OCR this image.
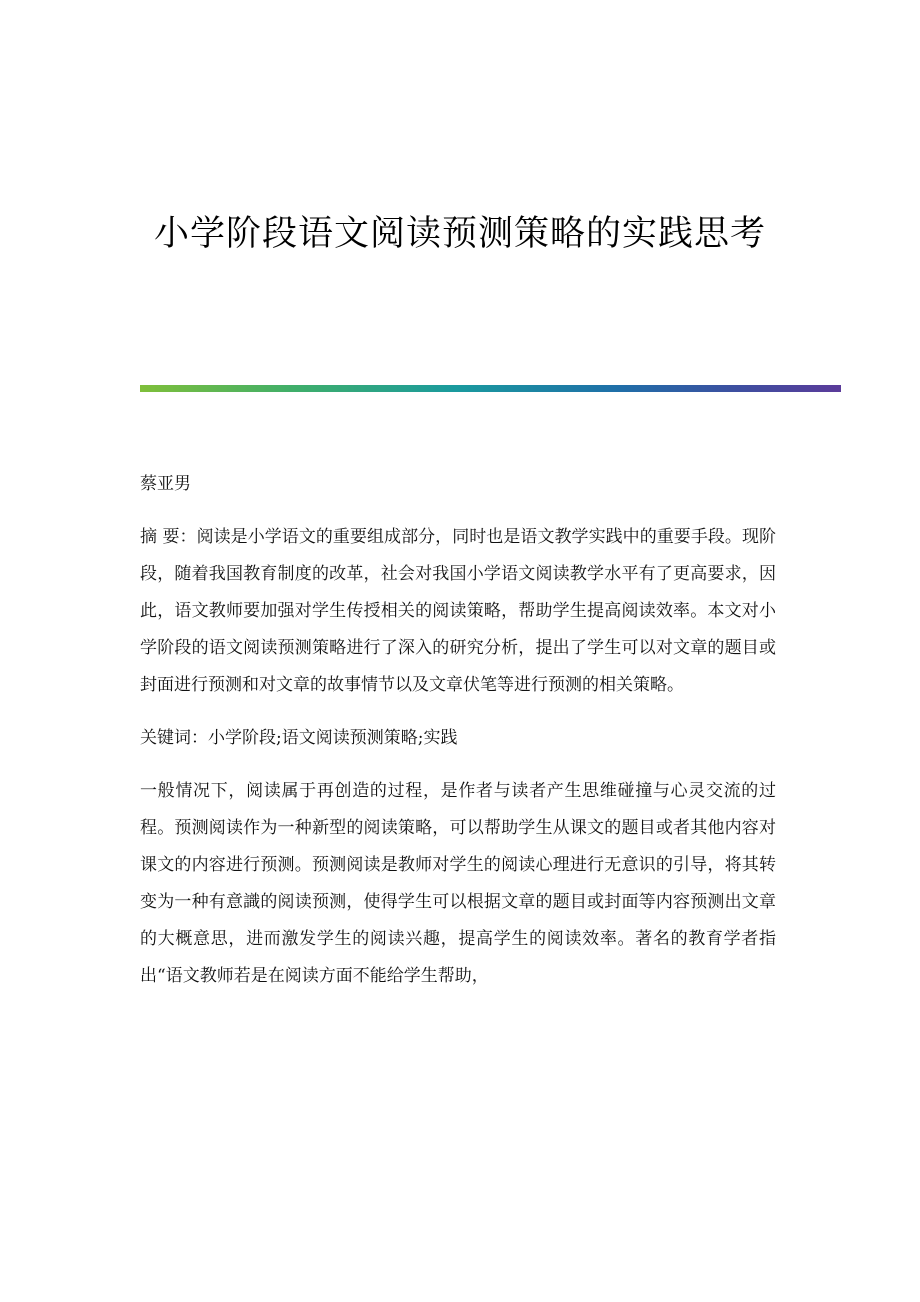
小学阶段语文阅读预测策略的实践思考

蔡亚男

摘 要：阅读是小学语文的重要组成部分，同时也是语文教学实践中的重要手段。现阶段，随着我国教育制度的改革，社会对我国小学语文阅读教学水平有了更高要求，因此，语文教师要加强对学生传授相关的阅读策略，帮助学生提高阅读效率。本文对小学阶段的语文阅读预测策略进行了深入的研究分析，提出了学生可以对文章的题目或封面进行预测和对文章的故事情节以及文章伏笔等进行预测的相关策略。

关键词：小学阶段;语文阅读预测策略;实践

一般情况下，阅读属于再创造的过程，是作者与读者产生思维碰撞与心灵交流的过程。预测阅读作为一种新型的阅读策略，可以帮助学生从课文的题目或者其他内容对课文的内容进行预测。预测阅读是教师对学生的阅读心理进行无意识的引导，将其转变为一种有意識的阅读预测，使得学生可以根据文章的题目或封面等内容预测出文章的大概意思，进而激发学生的阅读兴趣，提高学生的阅读效率。著名的教育学者指出“语文教师若是在阅读方面不能给学生帮助，
